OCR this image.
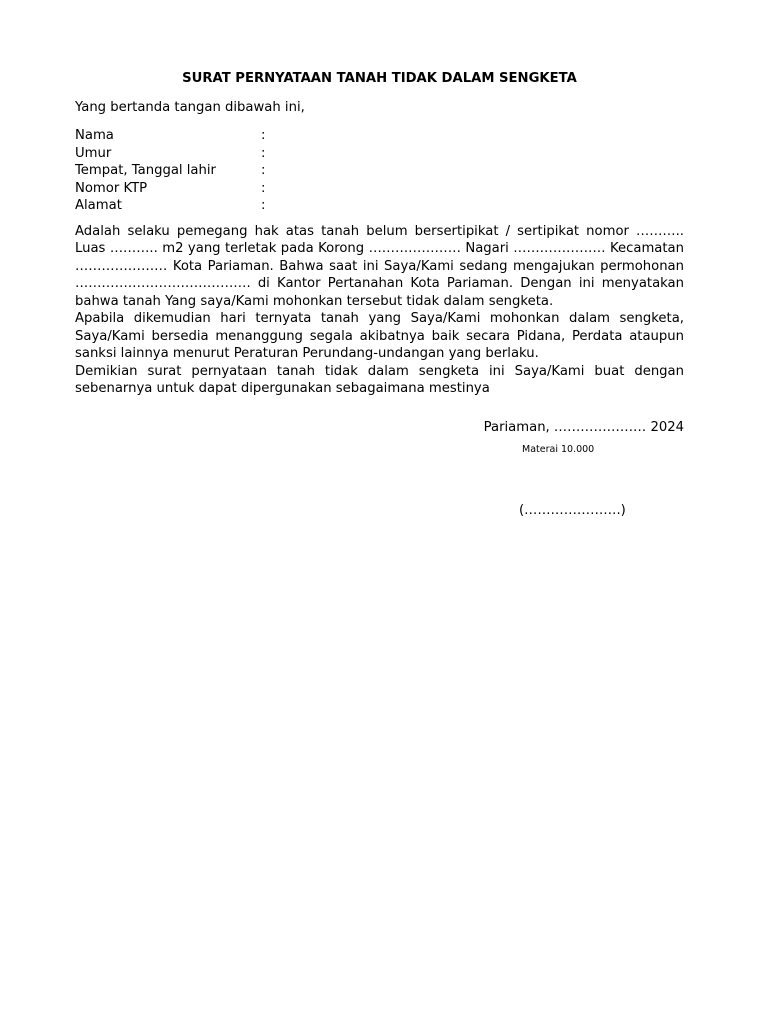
SURAT PERNYATAAN TANAH TIDAK DALAM SENGKETA
Yang bertanda tangan dibawah ini,
Nama	:
Umur	:
Tempat, Tanggal lahir	:
Nomor KTP	:
Alamat	:

Adalah selaku pemegang hak atas tanah belum bersertipikat / sertipikat nomor ……….. Luas ……….. m2 yang terletak pada Korong ………………… Nagari ………………… Kecamatan ………………… Kota Pariaman. Bahwa saat ini Saya/Kami sedang mengajukan permohonan …………………………………. di Kantor Pertanahan Kota Pariaman. Dengan ini menyatakan bahwa tanah Yang saya/Kami mohonkan tersebut tidak dalam sengketa.

Apabila dikemudian hari ternyata tanah yang Saya/Kami mohonkan dalam sengketa, Saya/Kami bersedia menanggung segala akibatnya baik secara Pidana, Perdata ataupun sanksi lainnya menurut Peraturan Perundang-undangan yang berlaku.

Demikian surat pernyataan tanah tidak dalam sengketa ini Saya/Kami buat dengan sebenarnya untuk dapat dipergunakan sebagaimana mestinya

Pariaman, ………………… 2024
Materai 10.000
(………………….)
